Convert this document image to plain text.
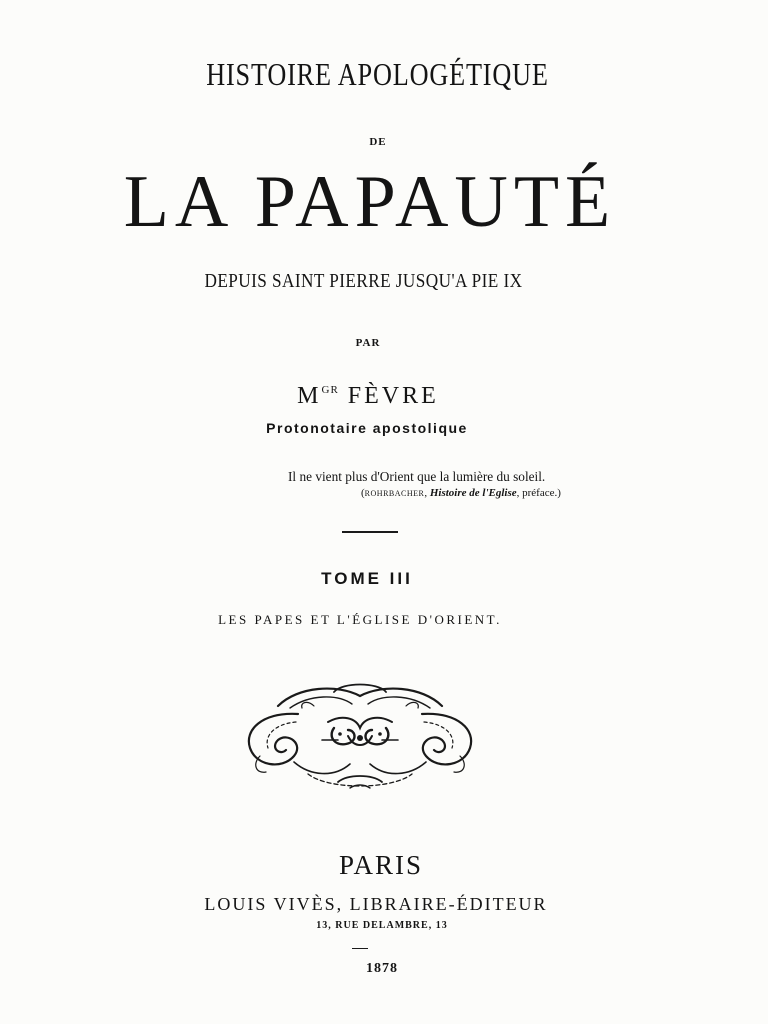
HISTOIRE APOLOGÉTIQUE
DE
LA PAPAUTÉ
DEPUIS SAINT PIERRE JUSQU'A PIE IX
PAR
$M^{GR}$ FÈVRE
Protonotaire apostolique
Il ne vient plus d'Orient que la lumière du soleil.
(ROHRBACHER, Histoire de l'Eglise, préface.)
TOME III
LES PAPES ET L'ÉGLISE D'ORIENT.
PARIS
LOUIS VIVÈS, LIBRAIRE-ÉDITEUR
13, RUE DELAMBRE, 13
1878
